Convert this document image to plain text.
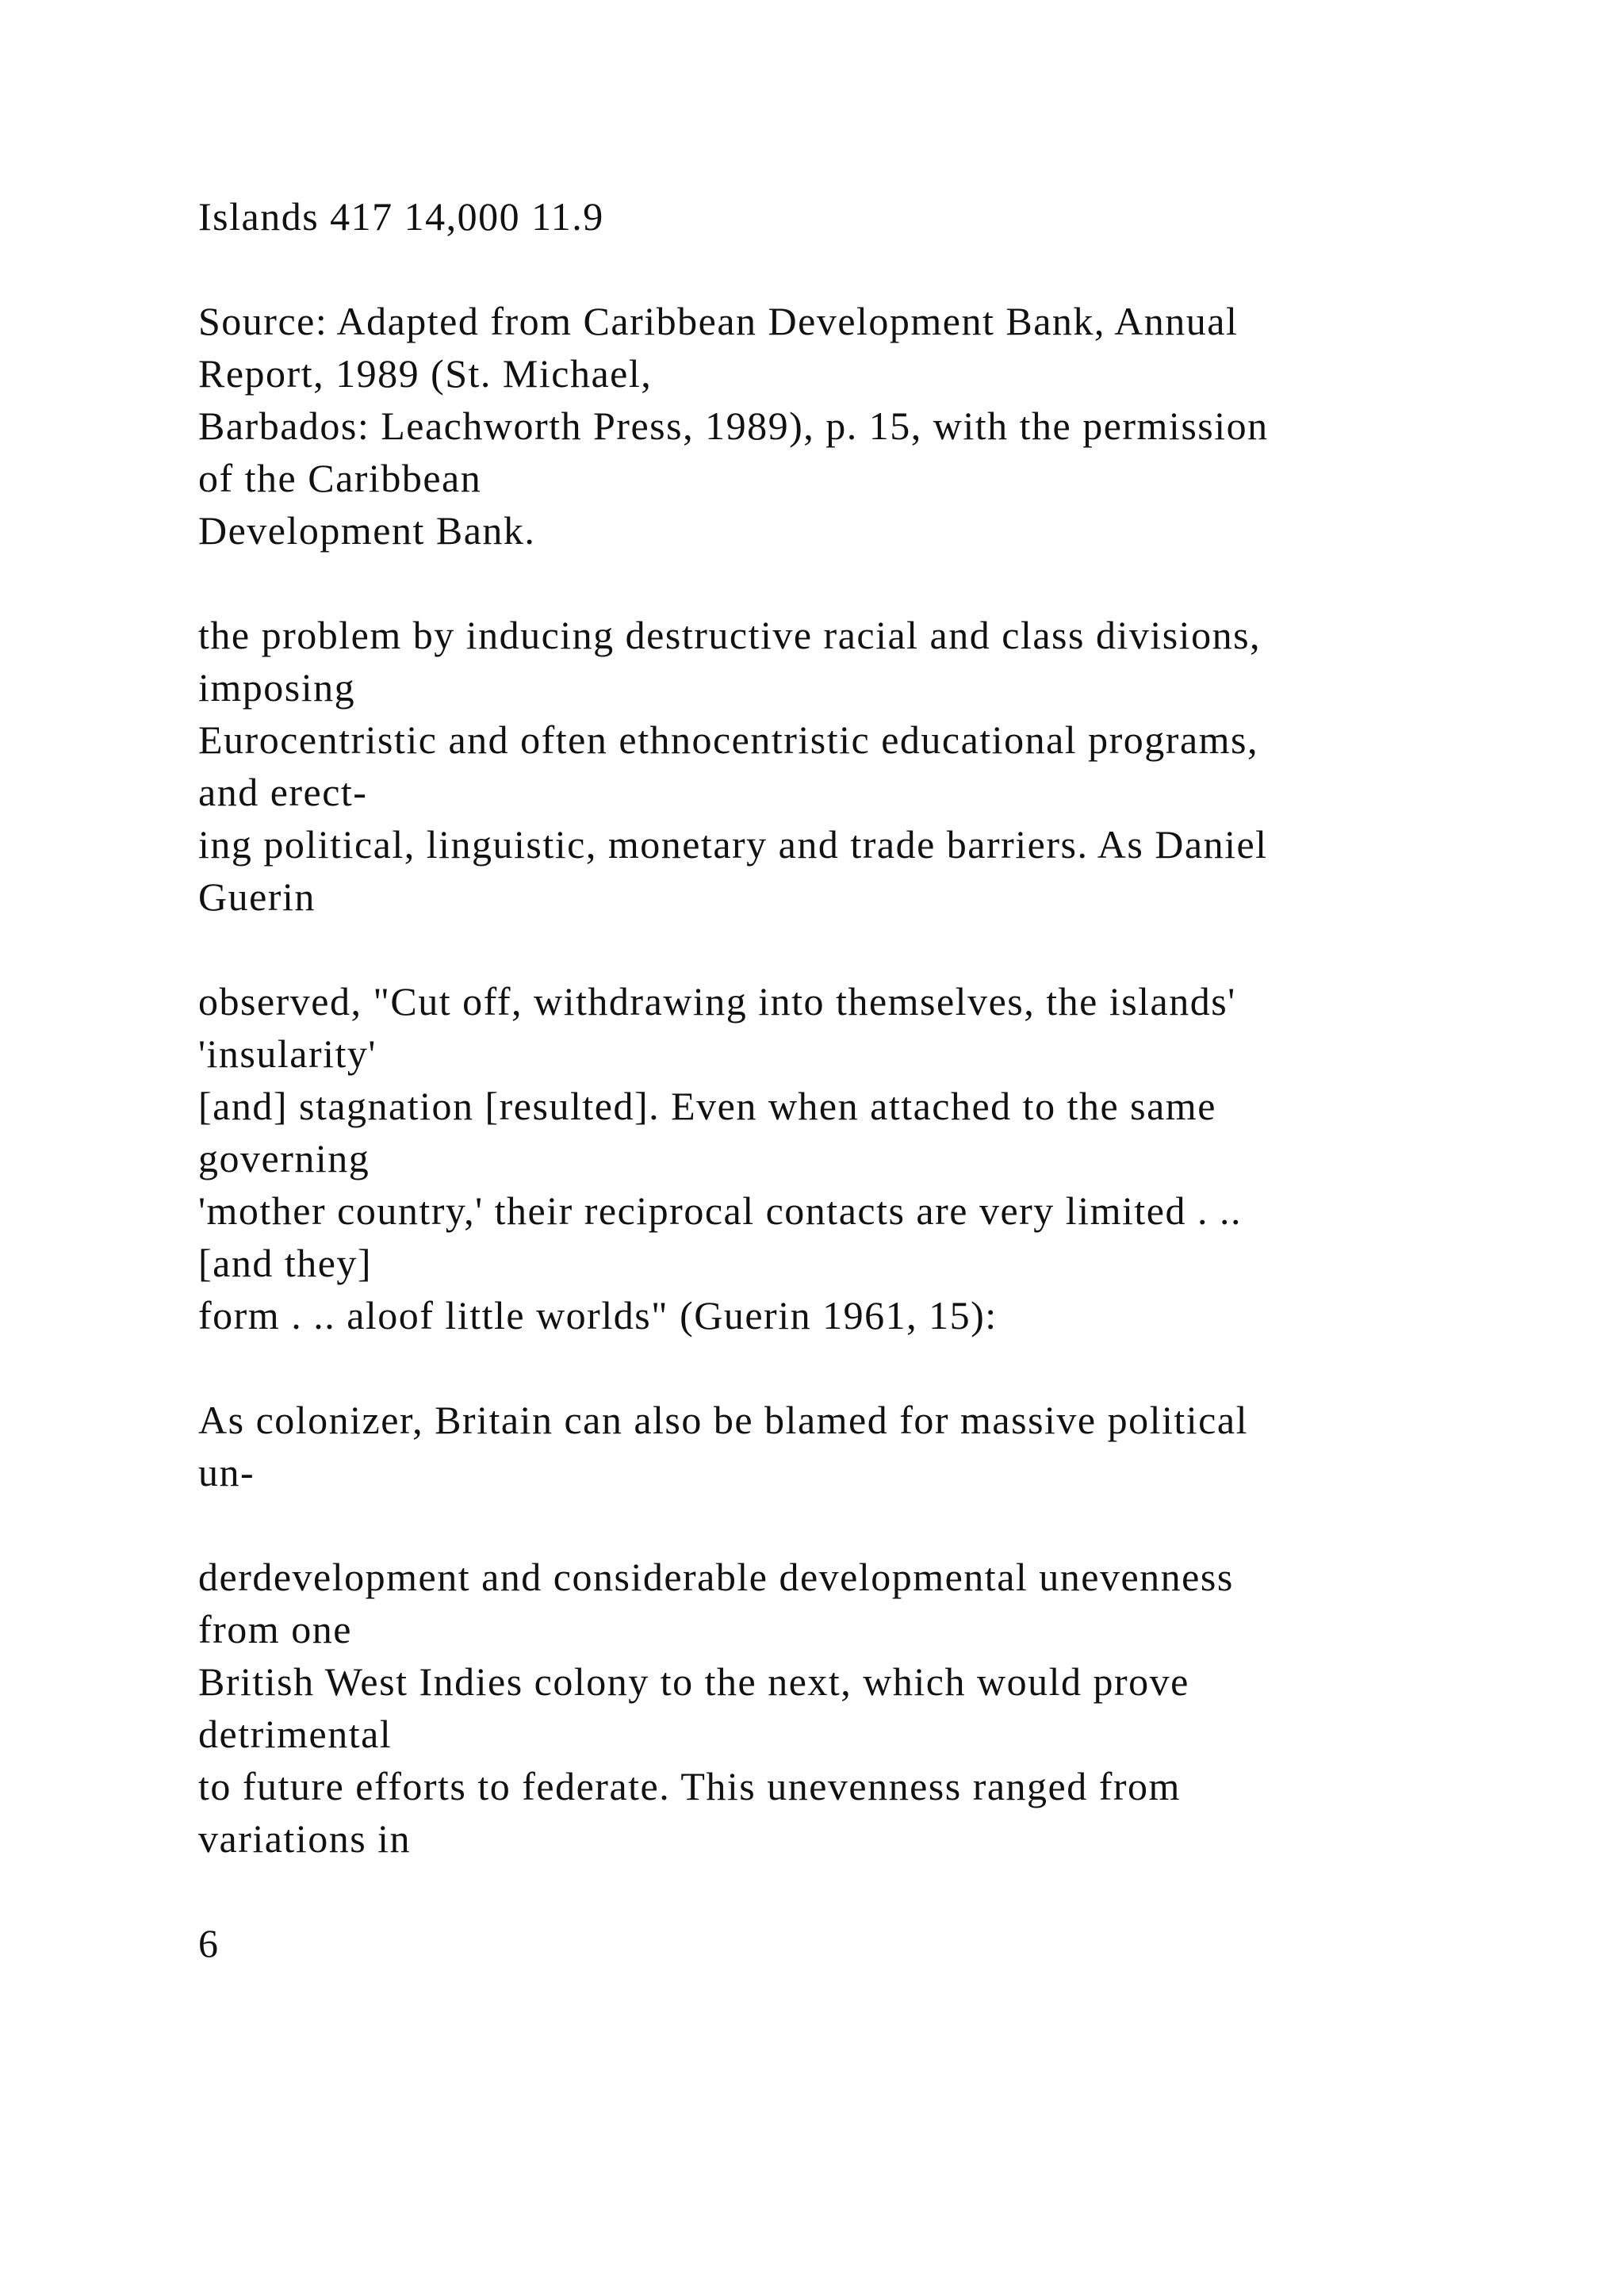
Islands 417 14,000 11.9
Source: Adapted from Caribbean Development Bank, Annual
Report, 1989 (St. Michael,
Barbados: Leachworth Press, 1989), p. 15, with the permission
of the Caribbean
Development Bank.
the problem by inducing destructive racial and class divisions,
imposing
Eurocentristic and often ethnocentristic educational programs,
and erect-
ing political, linguistic, monetary and trade barriers. As Daniel
Guerin
observed, "Cut off, withdrawing into themselves, the islands'
'insularity'
[and] stagnation [resulted]. Even when attached to the same
governing
'mother country,' their reciprocal contacts are very limited . ..
[and they]
form . .. aloof little worlds" (Guerin 1961, 15):
As colonizer, Britain can also be blamed for massive political
un-
derdevelopment and considerable developmental unevenness
from one
British West Indies colony to the next, which would prove
detrimental
to future efforts to federate. This unevenness ranged from
variations in
6
